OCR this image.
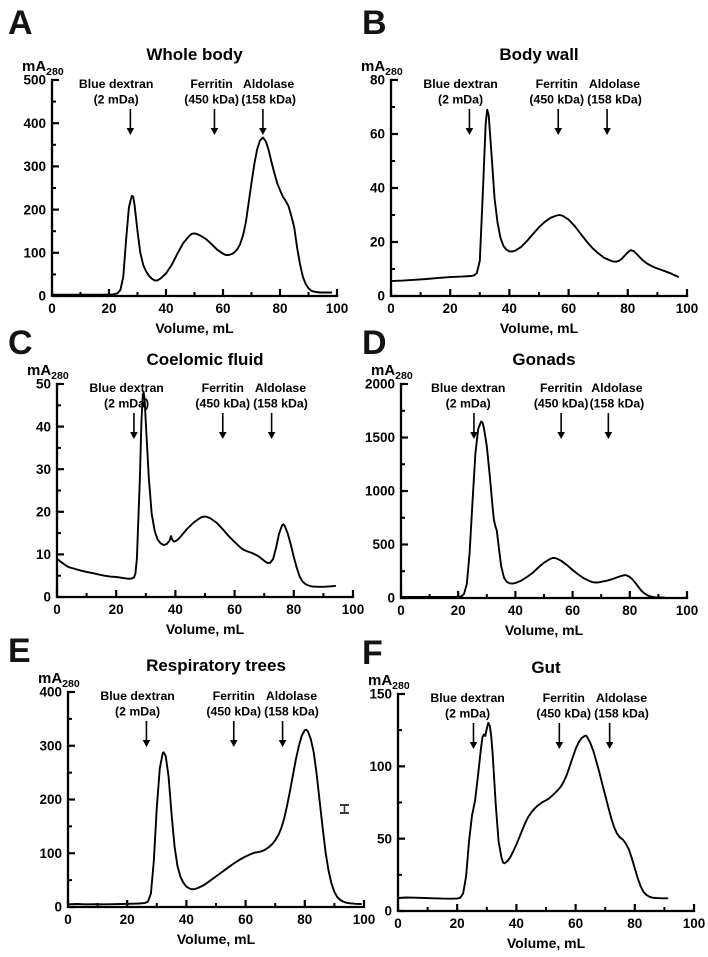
A
Whole body
0
100
200
300
400
500
0	20	40	60	80	100
$mA_{280}$
Volume, mL
Blue dextran
(2 mDa)
Ferritin
(450 kDa)
Aldolase
(158 kDa)
B
Body wall
0
20
40
60
80
0	20	40	60	80	100
$mA_{280}$
Volume, mL
Blue dextran
(2 mDa)
Ferritin
(450 kDa)
Aldolase
(158 kDa)
C	Coelomic fluid
0
10
20
30
40
50
0	20	40	60	80	100
$mA_{280}$
Volume, mL
Blue dextran
(2 mDa)
Ferritin
(450 kDa)
Aldolase
(158 kDa)
D	Gonads
0
500
1000
1500
2000
0	20	40	60	80	100
$mA_{280}$
Volume, mL
Blue dextran
(2 mDa)
Ferritin
(450 kDa)
Aldolase
(158 kDa)
E	Respiratory trees
0
100
200
300
400
0	20	40	60	80	100
$mA_{280}$
Volume, mL
Blue dextran
(2 mDa)
Ferritin
(450 kDa)
Aldolase
(158 kDa)
F	Gut
0
50
100
150
0	20	40	60	80	100
$mA_{280}$
Volume, mL
Blue dextran
(2 mDa)
Ferritin
(450 kDa)
Aldolase
(158 kDa)
